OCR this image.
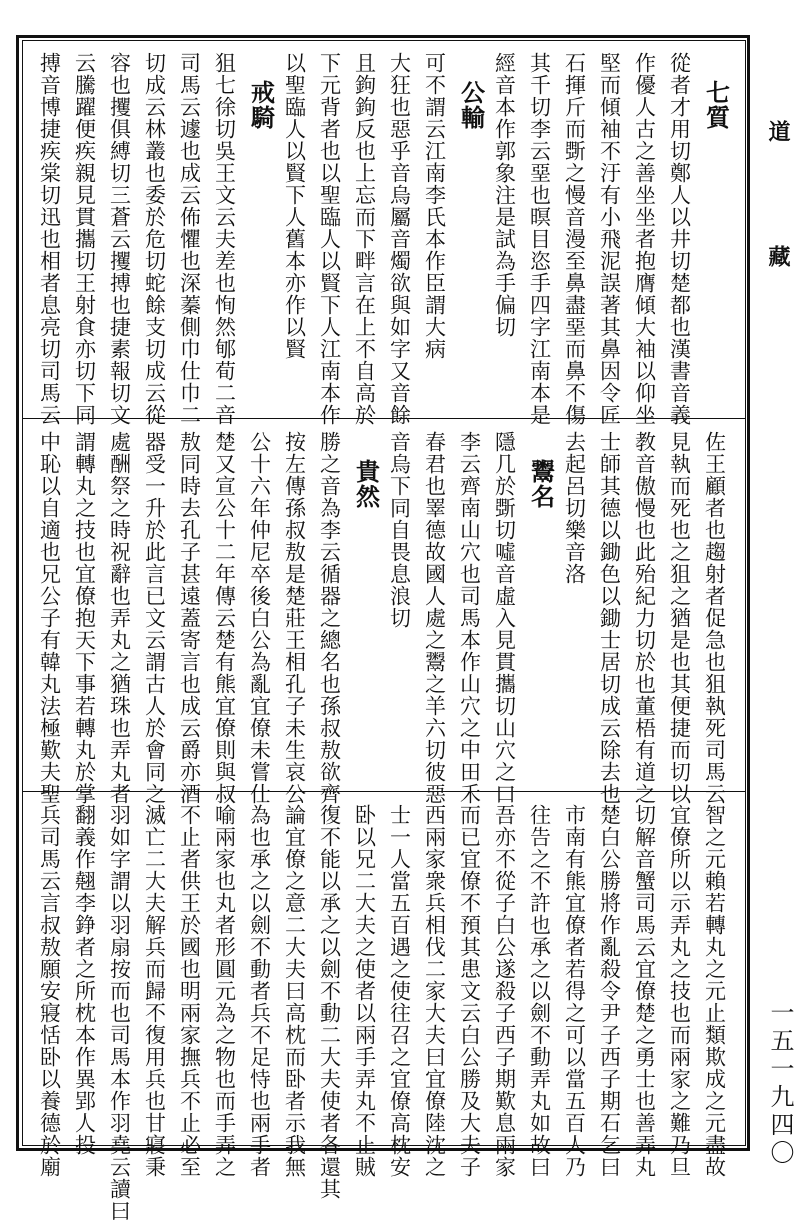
道
藏
一五一九四〇
七質
從者才用切鄭人以井切楚都也漢書音義
作優人古之善坐坐者抱膺傾大袖以仰坐
堅而傾袖不汙有小飛泥誤著其鼻因令匠
石揮斤而斲之慢音漫至鼻盡堊而鼻不傷
其千切李云堊也暝目恣手四字江南本是
經音本作郭象注是試為手偏切
公輸
可不謂云江南李氏本作臣謂大病
大狂也惡乎音烏屬音燭欲與如字又音餘
且鉤鉤反也上忘而下畔言在上不自高於
下元背者也以聖臨人以賢下人江南本作
以聖臨人以賢下人舊本亦作以賢
戒騎
狙七徐切吳王文云夫差也恂然郇荀二音
司馬云遽也成云佈懼也深蓁側巾仕巾二
切成云林叢也委於危切蛇餘支切成云從
容也攫俱縛切三蒼云攫搏也捷素報切文
云騰躍便疾親見貫攜切王射食亦切下同
搏音博捷疾棠切迅也相者息亮切司馬云
佐王顧者也趨射者促急也狙執死司馬云
見執而死也之狙之猶是也其便捷而切以
教音傲慢也此殆紀力切於也董梧有道之
士師其德以鋤色以鋤士居切成云除去也
去起呂切樂音洛
鬻名
隱几於斲切噓音虛入見貫攜切山穴之口
李云齊南山穴也司馬本作山穴之中田禾
春君也睪德故國人處之鬻之羊六切彼惡
音烏下同自畏息浪切
貴然
勝之音為李云循器之總名也孫叔敖欲齊
按左傳孫叔敖是楚莊王相孔子未生哀公
公十六年仲尼卒後白公為亂宜僚未嘗仕
楚又宣公十二年傳云楚有熊宜僚則與叔
敖同時去孔子甚遠蓋寄言也成云爵亦酒
器受一升於此言已文云謂古人於會同之
處酬祭之時祝辭也弄丸之猶珠也弄丸者
謂轉丸之技也宜僚抱天下事若轉丸於掌
中恥以自適也兄公子有韓丸法極歎夫聖
智之元賴若轉丸之元止類欺成之元盡故
宜僚所以示弄丸之技也而兩家之難乃旦
切解音蟹司馬云宜僚楚之勇士也善弄丸
楚白公勝將作亂殺令尹子西子期石乞曰
市南有熊宜僚者若得之可以當五百人乃
往告之不許也承之以劍不動弄丸如故曰
吾亦不從子白公遂殺子西子期歎息兩家
而已宜僚不預其患文云白公勝及大夫子
西兩家衆兵相伐二家大夫曰宜僚陸沈之
士一人當五百遇之使往召之宜僚高枕安
卧以兄二大夫之使者以兩手弄丸不止賊
復不能以承之以劍不動二大夫使者各還其
論宜僚之意二大夫曰高枕而卧者示我無
為也承之以劍不動者兵不足恃也兩手者
喻兩家也丸者形圓元為之物也而手弄之
不止者供王於國也明兩家撫兵不止必至
滅亡二大夫解兵而歸不復用兵也甘寢秉
羽如字謂以羽扇按而也司馬本作羽堯云讀曰
翻義作翹李錚者之所枕本作異郢人投
兵司馬云言叔敖願安寢恬卧以養德於廟
